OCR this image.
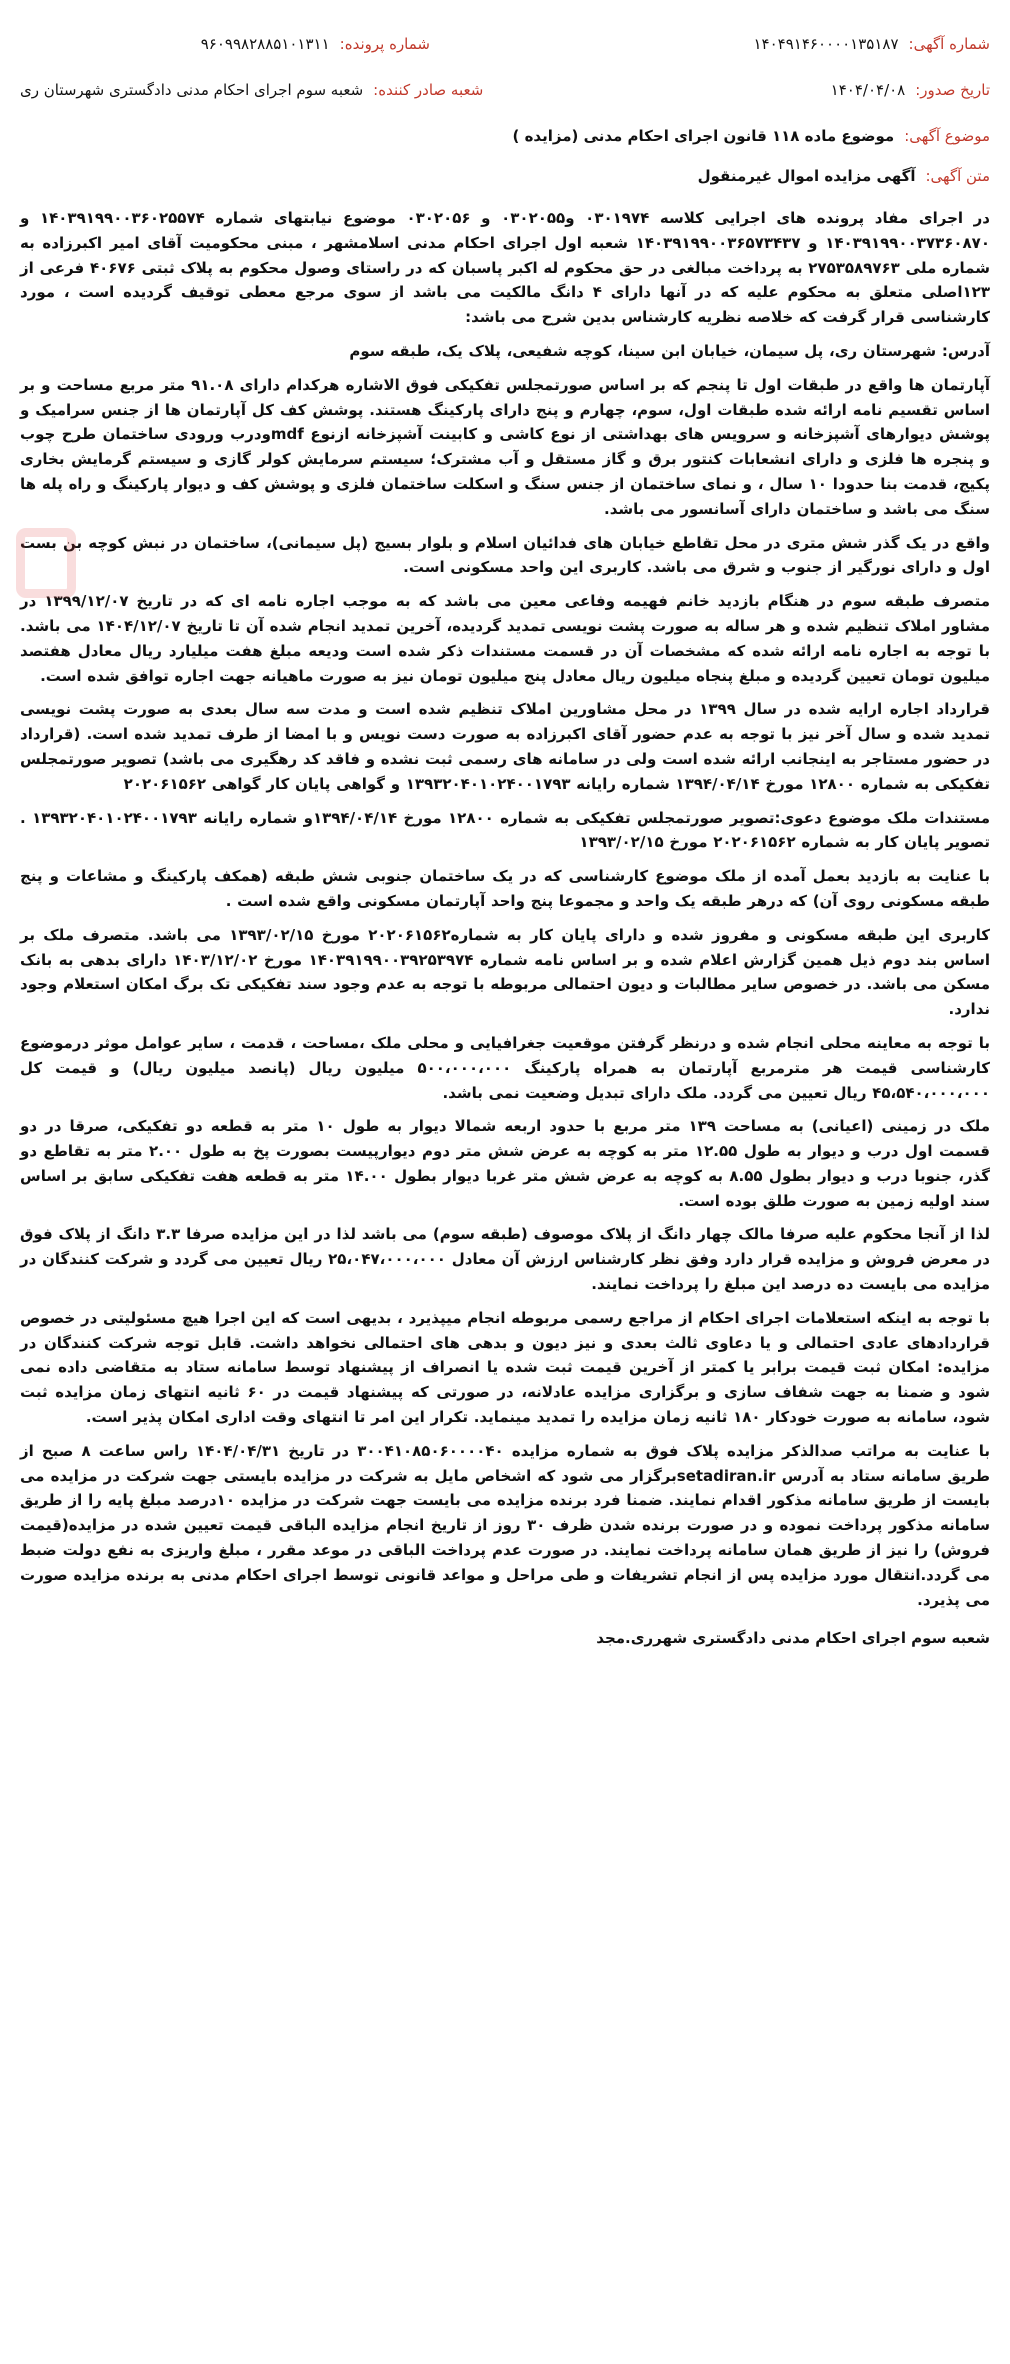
شماره آگهی:
۱۴۰۴۹۱۴۶۰۰۰۰۱۳۵۱۸۷
شماره پرونده:
۹۶۰۹۹۸۲۸۸۵۱۰۱۳۱۱
تاریخ صدور:
۱۴۰۴/۰۴/۰۸
شعبه صادر کننده:
شعبه سوم اجرای احکام مدنی دادگستری شهرستان ری
موضوع آگهی:
موضوع ماده ۱۱۸ قانون اجرای احکام مدنی (مزایده )
متن آگهی:
آگهی مزایده اموال غیرمنقول

در اجرای مفاد پرونده های اجرایی کلاسه ۰۳۰۱۹۷۴ و۰۳۰۲۰۵۵ و ۰۳۰۲۰۵۶ موضوع نیابتهای شماره ۱۴۰۳۹۱۹۹۰۰۳۶۰۲۵۵۷۴ و ۱۴۰۳۹۱۹۹۰۰۳۷۳۶۰۸۷۰ و ۱۴۰۳۹۱۹۹۰۰۳۶۵۷۳۴۳۷ شعبه اول اجرای احکام مدنی اسلامشهر ، مبنی محکومیت آقای امیر اکبرزاده به شماره ملی ۲۷۵۳۵۸۹۷۶۳ به پرداخت مبالغی در حق محکوم له اکبر پاسبان که در راستای وصول محکوم به پلاک ثبتی ۴۰۶۷۶ فرعی از ۱۲۳اصلی متعلق به محکوم علیه که در آنها دارای ۴ دانگ مالکیت می باشد از سوی مرجع معطی توقیف گردیده است ، مورد کارشناسی قرار گرفت که خلاصه نظریه کارشناس بدین شرح می باشد:

آدرس: شهرستان ری، پل سیمان، خیابان ابن سینا، کوچه شفیعی، پلاک یک، طبقه سوم

آپارتمان ها واقع در طبقات اول تا پنجم که بر اساس صورتمجلس تفکیکی فوق الاشاره هرکدام دارای ۹۱.۰۸ متر مربع مساحت و بر اساس تقسیم نامه ارائه شده طبقات اول، سوم، چهارم و پنج دارای پارکینگ هستند. پوشش کف کل آپارتمان ها از جنس سرامیک و پوشش دیوارهای آشپزخانه و سرویس های بهداشتی از نوع کاشی و کابینت آشپزخانه ازنوع mdfودرب ورودی ساختمان طرح چوب و پنجره ها فلزی و دارای انشعابات کنتور برق و گاز مستقل و آب مشترک؛ سیستم سرمایش کولر گازی و سیستم گرمایش بخاری پکیج، قدمت بنا حدودا ۱۰ سال ، و نمای ساختمان از جنس سنگ و اسکلت ساختمان فلزی و پوشش کف و دیوار پارکینگ و راه پله ها سنگ می باشد و ساختمان دارای آسانسور می باشد.

واقع در یک گذر شش متری در محل تقاطع خیابان های فدائیان اسلام و بلوار بسیج (پل سیمانی)، ساختمان در نبش کوچه بن بست اول و دارای نورگیر از جنوب و شرق می باشد. کاربری این واحد مسکونی است.

متصرف طبقه سوم در هنگام بازدید خانم فهیمه وفاعی معین می باشد که به موجب اجاره نامه ای که در تاریخ ۱۳۹۹/۱۲/۰۷ در مشاور املاک تنظیم شده و هر ساله به صورت پشت نویسی تمدید گردیده، آخرین تمدید انجام شده آن تا تاریخ ۱۴۰۴/۱۲/۰۷ می باشد. با توجه به اجاره نامه ارائه شده که مشخصات آن در قسمت مستندات ذکر شده است ودیعه مبلغ هفت میلیارد ریال معادل هفتصد میلیون تومان تعیین گردیده و مبلغ پنجاه میلیون ریال معادل پنج میلیون تومان نیز به صورت ماهیانه جهت اجاره توافق شده است.

قرارداد اجاره ارایه شده در سال ۱۳۹۹ در محل مشاورین املاک تنظیم شده است و مدت سه سال بعدی به صورت پشت نویسی تمدید شده و سال آخر نیز با توجه به عدم حضور آقای اکبرزاده به صورت دست نویس و با امضا از طرف تمدید شده است. (قرارداد در حضور مستاجر به اینجانب ارائه شده است ولی در سامانه های رسمی ثبت نشده و فاقد کد رهگیری می باشد) تصویر صورتمجلس تفکیکی به شماره ۱۲۸۰۰ مورخ ۱۳۹۴/۰۴/۱۴ شماره رایانه ۱۳۹۳۲۰۴۰۱۰۲۴۰۰۱۷۹۳ و گواهی پایان کار گواهی ۲۰۲۰۶۱۵۶۲

مستندات ملک موضوع دعوی:تصویر صورتمجلس تفکیکی به شماره ۱۲۸۰۰ مورخ ۱۳۹۴/۰۴/۱۴و شماره رایانه ۱۳۹۳۲۰۴۰۱۰۲۴۰۰۱۷۹۳ . تصویر پایان کار به شماره ۲۰۲۰۶۱۵۶۲ مورخ ۱۳۹۳/۰۲/۱۵

با عنایت به بازدید بعمل آمده از ملک موضوع کارشناسی که در یک ساختمان جنوبی شش طبقه (همکف پارکینگ و مشاعات و پنج طبقه مسکونی روی آن) که درهر طبقه یک واحد و مجموعا پنج واحد آپارتمان مسکونی واقع شده است .

کاربری این طبقه مسکونی و مفروز شده و دارای پایان کار به شماره۲۰۲۰۶۱۵۶۲ مورخ ۱۳۹۳/۰۲/۱۵ می باشد. متصرف ملک بر اساس بند دوم ذیل همین گزارش اعلام شده و بر اساس نامه شماره ۱۴۰۳۹۱۹۹۰۰۳۹۲۵۳۹۷۴ مورخ ۱۴۰۳/۱۲/۰۲ دارای بدهی به بانک مسکن می باشد. در خصوص سایر مطالبات و دیون احتمالی مربوطه با توجه به عدم وجود سند تفکیکی تک برگ امکان استعلام وجود ندارد.

با توجه به معاینه محلی انجام شده و درنظر گرفتن موقعیت جغرافیایی و محلی ملک ،مساحت ، قدمت ، سایر عوامل موثر درموضوع کارشناسی قیمت هر مترمربع آپارتمان به همراه پارکینگ ۵۰۰،۰۰۰،۰۰۰ میلیون ریال (پانصد میلیون ریال) و قیمت کل ۴۵،۵۴۰،۰۰۰،۰۰۰ ریال تعیین می گردد. ملک دارای تبدیل وضعیت نمی باشد.

ملک در زمینی (اعیانی) به مساحت ۱۳۹ متر مربع با حدود اربعه شمالا دیوار به طول ۱۰ متر به قطعه دو تفکیکی، صرقا در دو قسمت اول درب و دیوار به طول ۱۲.۵۵ متر به کوچه به عرض شش متر دوم دیوارپیست بصورت پخ به طول ۲.۰۰ متر به تقاطع دو گذر، جنوبا درب و دیوار بطول ۸.۵۵ به کوچه به عرض شش متر غربا دیوار بطول ۱۴.۰۰ متر به قطعه هفت تفکیکی سابق بر اساس سند اولیه زمین به صورت طلق بوده است.

لذا از آنجا محکوم علیه صرفا مالک چهار دانگ از پلاک موصوف (طبقه سوم) می باشد لذا در این مزایده صرفا ۳.۳ دانگ از پلاک فوق در معرض فروش و مزایده قرار دارد وفق نظر کارشناس ارزش آن معادل ۲۵،۰۴۷،۰۰۰،۰۰۰ ریال تعیین می گردد و شرکت کنندگان در مزایده می بایست ده درصد این مبلغ را پرداخت نمایند.

با توجه به اینکه استعلامات اجرای احکام از مراجع رسمی مربوطه انجام میپذیرد ، بدیهی است که این اجرا هیچ مسئولیتی در خصوص قراردادهای عادی احتمالی و یا دعاوی ثالث بعدی و نیز دیون و بدهی های احتمالی نخواهد داشت. قابل توجه شرکت کنندگان در مزایده: امکان ثبت قیمت برابر یا کمتر از آخرین قیمت ثبت شده یا انصراف از پیشنهاد توسط سامانه ستاد به متقاضی داده نمی شود و ضمنا به جهت شفاف سازی و برگزاری مزایده عادلانه، در صورتی که پیشنهاد قیمت در ۶۰ ثانیه انتهای زمان مزایده ثبت شود، سامانه به صورت خودکار ۱۸۰ ثانیه زمان مزایده را تمدید مینماید. تکرار این امر تا انتهای وقت اداری امکان پذیر است.

با عنایت به مراتب صدالذکر مزایده پلاک فوق به شماره مزایده ۳۰۰۴۱۰۸۵۰۶۰۰۰۰۴۰ در تاریخ ۱۴۰۴/۰۴/۳۱ راس ساعت ۸ صبح از طریق سامانه ستاد به آدرس setadiran.irبرگزار می شود که اشخاص مایل به شرکت در مزایده بایستی جهت شرکت در مزایده می بایست از طریق سامانه مذکور اقدام نمایند. ضمنا فرد برنده مزایده می بایست جهت شرکت در مزایده ۱۰درصد مبلغ پایه را از طریق سامانه مذکور پرداخت نموده و در صورت برنده شدن ظرف ۳۰ روز از تاریخ انجام مزایده الباقی قیمت تعیین شده در مزایده(قیمت فروش) را نیز از طریق همان سامانه پرداخت نمایند. در صورت عدم پرداخت الباقی در موعد مقرر ، مبلغ واریزی به نفع دولت ضبط می گردد.انتقال مورد مزایده پس از انجام تشریفات و طی مراحل و مواعد قانونی توسط اجرای احکام مدنی به برنده مزایده صورت می پذیرد.

شعبه سوم اجرای احکام مدنی دادگستری شهرری.مجد
